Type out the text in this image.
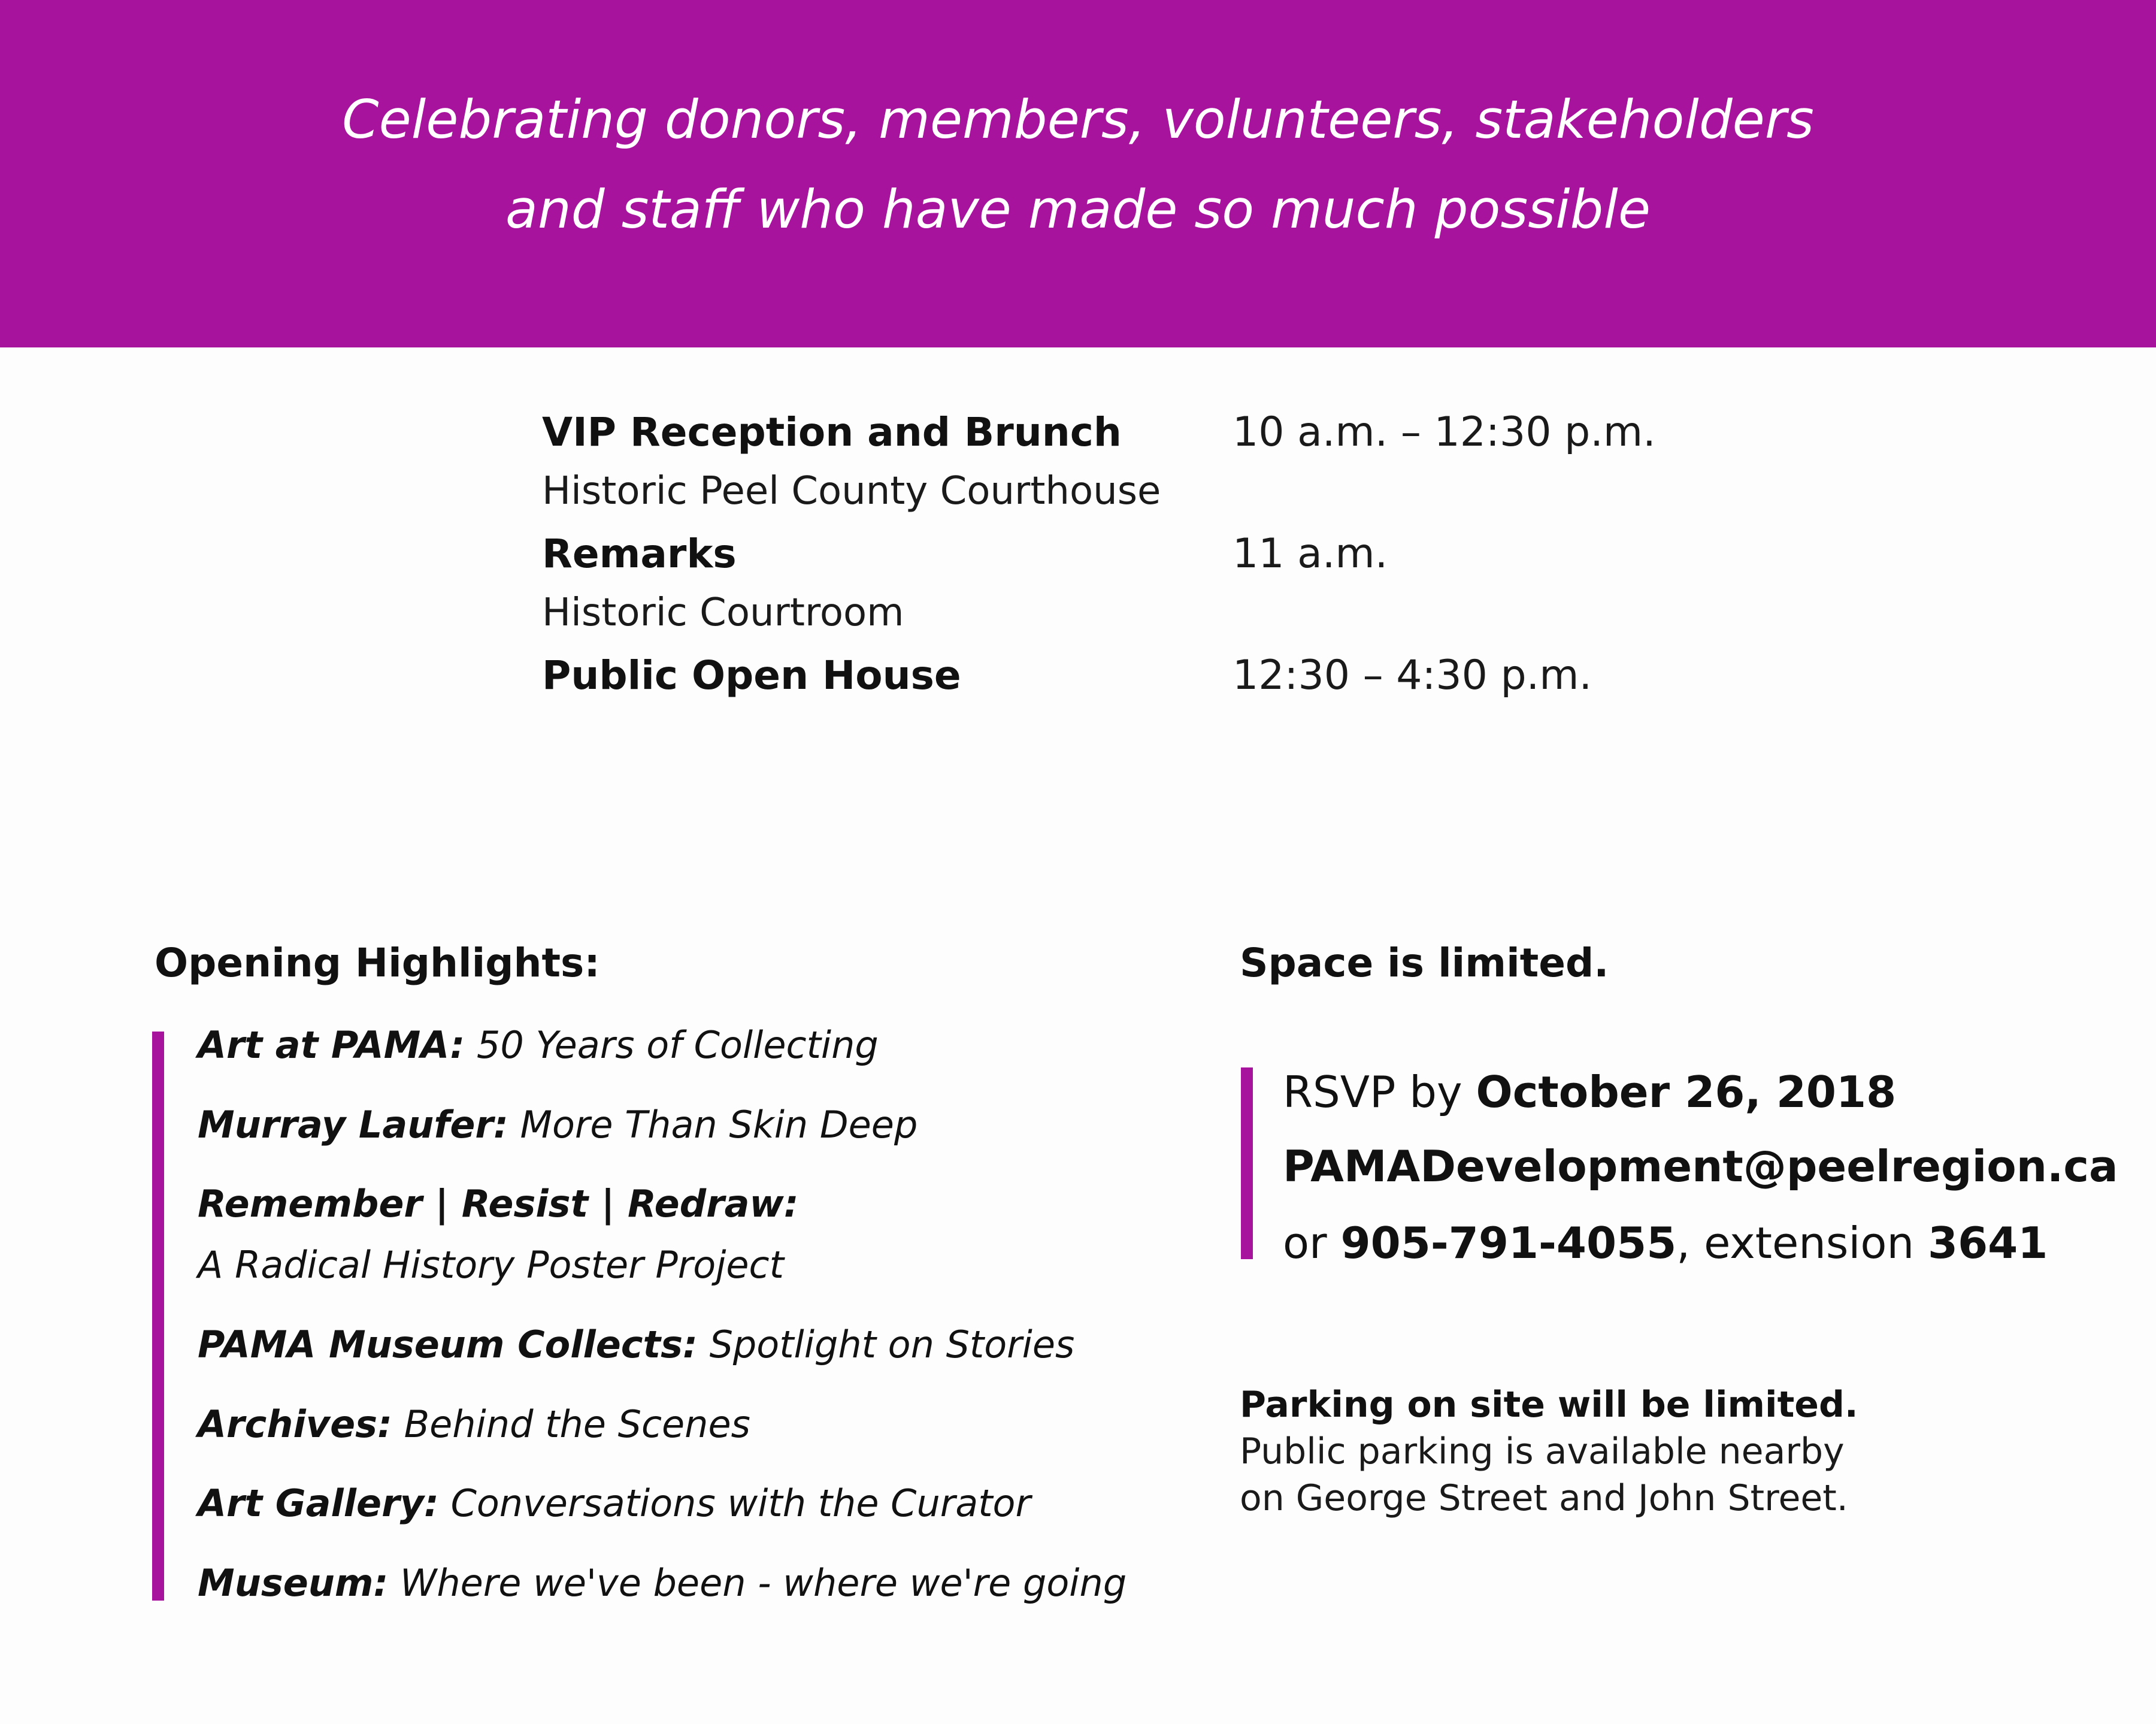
Celebrating donors, members, volunteers, stakeholders
and staff who have made so much possible
VIP Reception and Brunch	10 a.m. – 12:30 p.m.
Historic Peel County Courthouse
Remarks	11 a.m.
Historic Courtroom
Public Open House	12:30 – 4:30 p.m.
Opening Highlights:
Art at PAMA: 50 Years of Collecting
Murray Laufer: More Than Skin Deep
Remember | Resist | Redraw:
A Radical History Poster Project
PAMA Museum Collects: Spotlight on Stories
Archives: Behind the Scenes
Art Gallery: Conversations with the Curator
Museum: Where we've been - where we're going
Space is limited.
RSVP by October 26, 2018
PAMADevelopment@peelregion.ca
or 905-791-4055, extension 3641
Parking on site will be limited.
Public parking is available nearby
on George Street and John Street.
